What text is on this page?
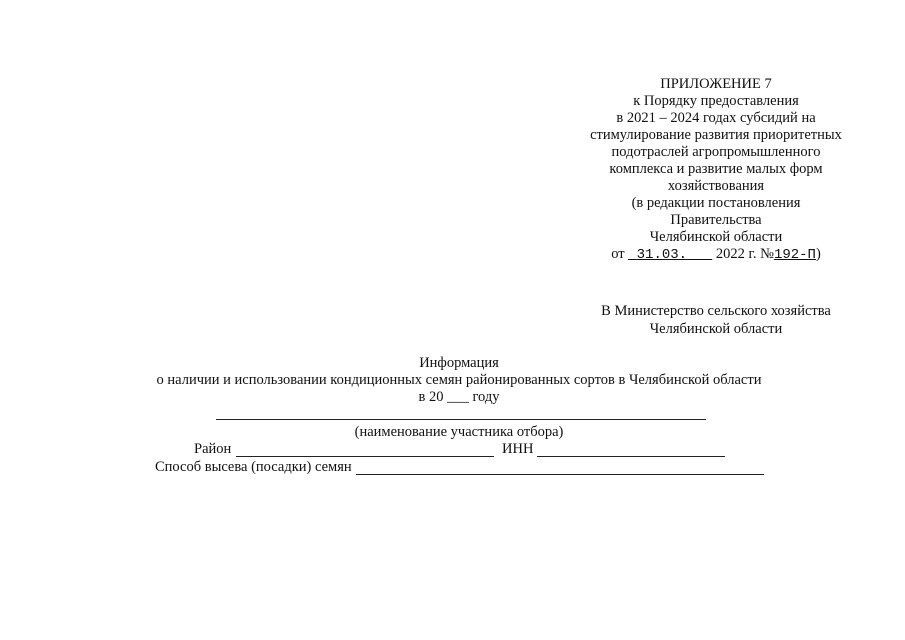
ПРИЛОЖЕНИЕ 7
к Порядку предоставления
в 2021 – 2024 годах субсидий на
стимулирование развития приоритетных
подотраслей агропромышленного
комплекса и развитие малых форм
хозяйствования
(в редакции постановления
Правительства
Челябинской области
от 31.03. 2022 г. №192-П)
В Министерство сельского хозяйства
Челябинской области
Информация
о наличии и использовании кондиционных семян районированных сортов в Челябинской области
в 20 ___ году
(наименование участника отбора)
Район	ИНН
Способ высева (посадки) семян
